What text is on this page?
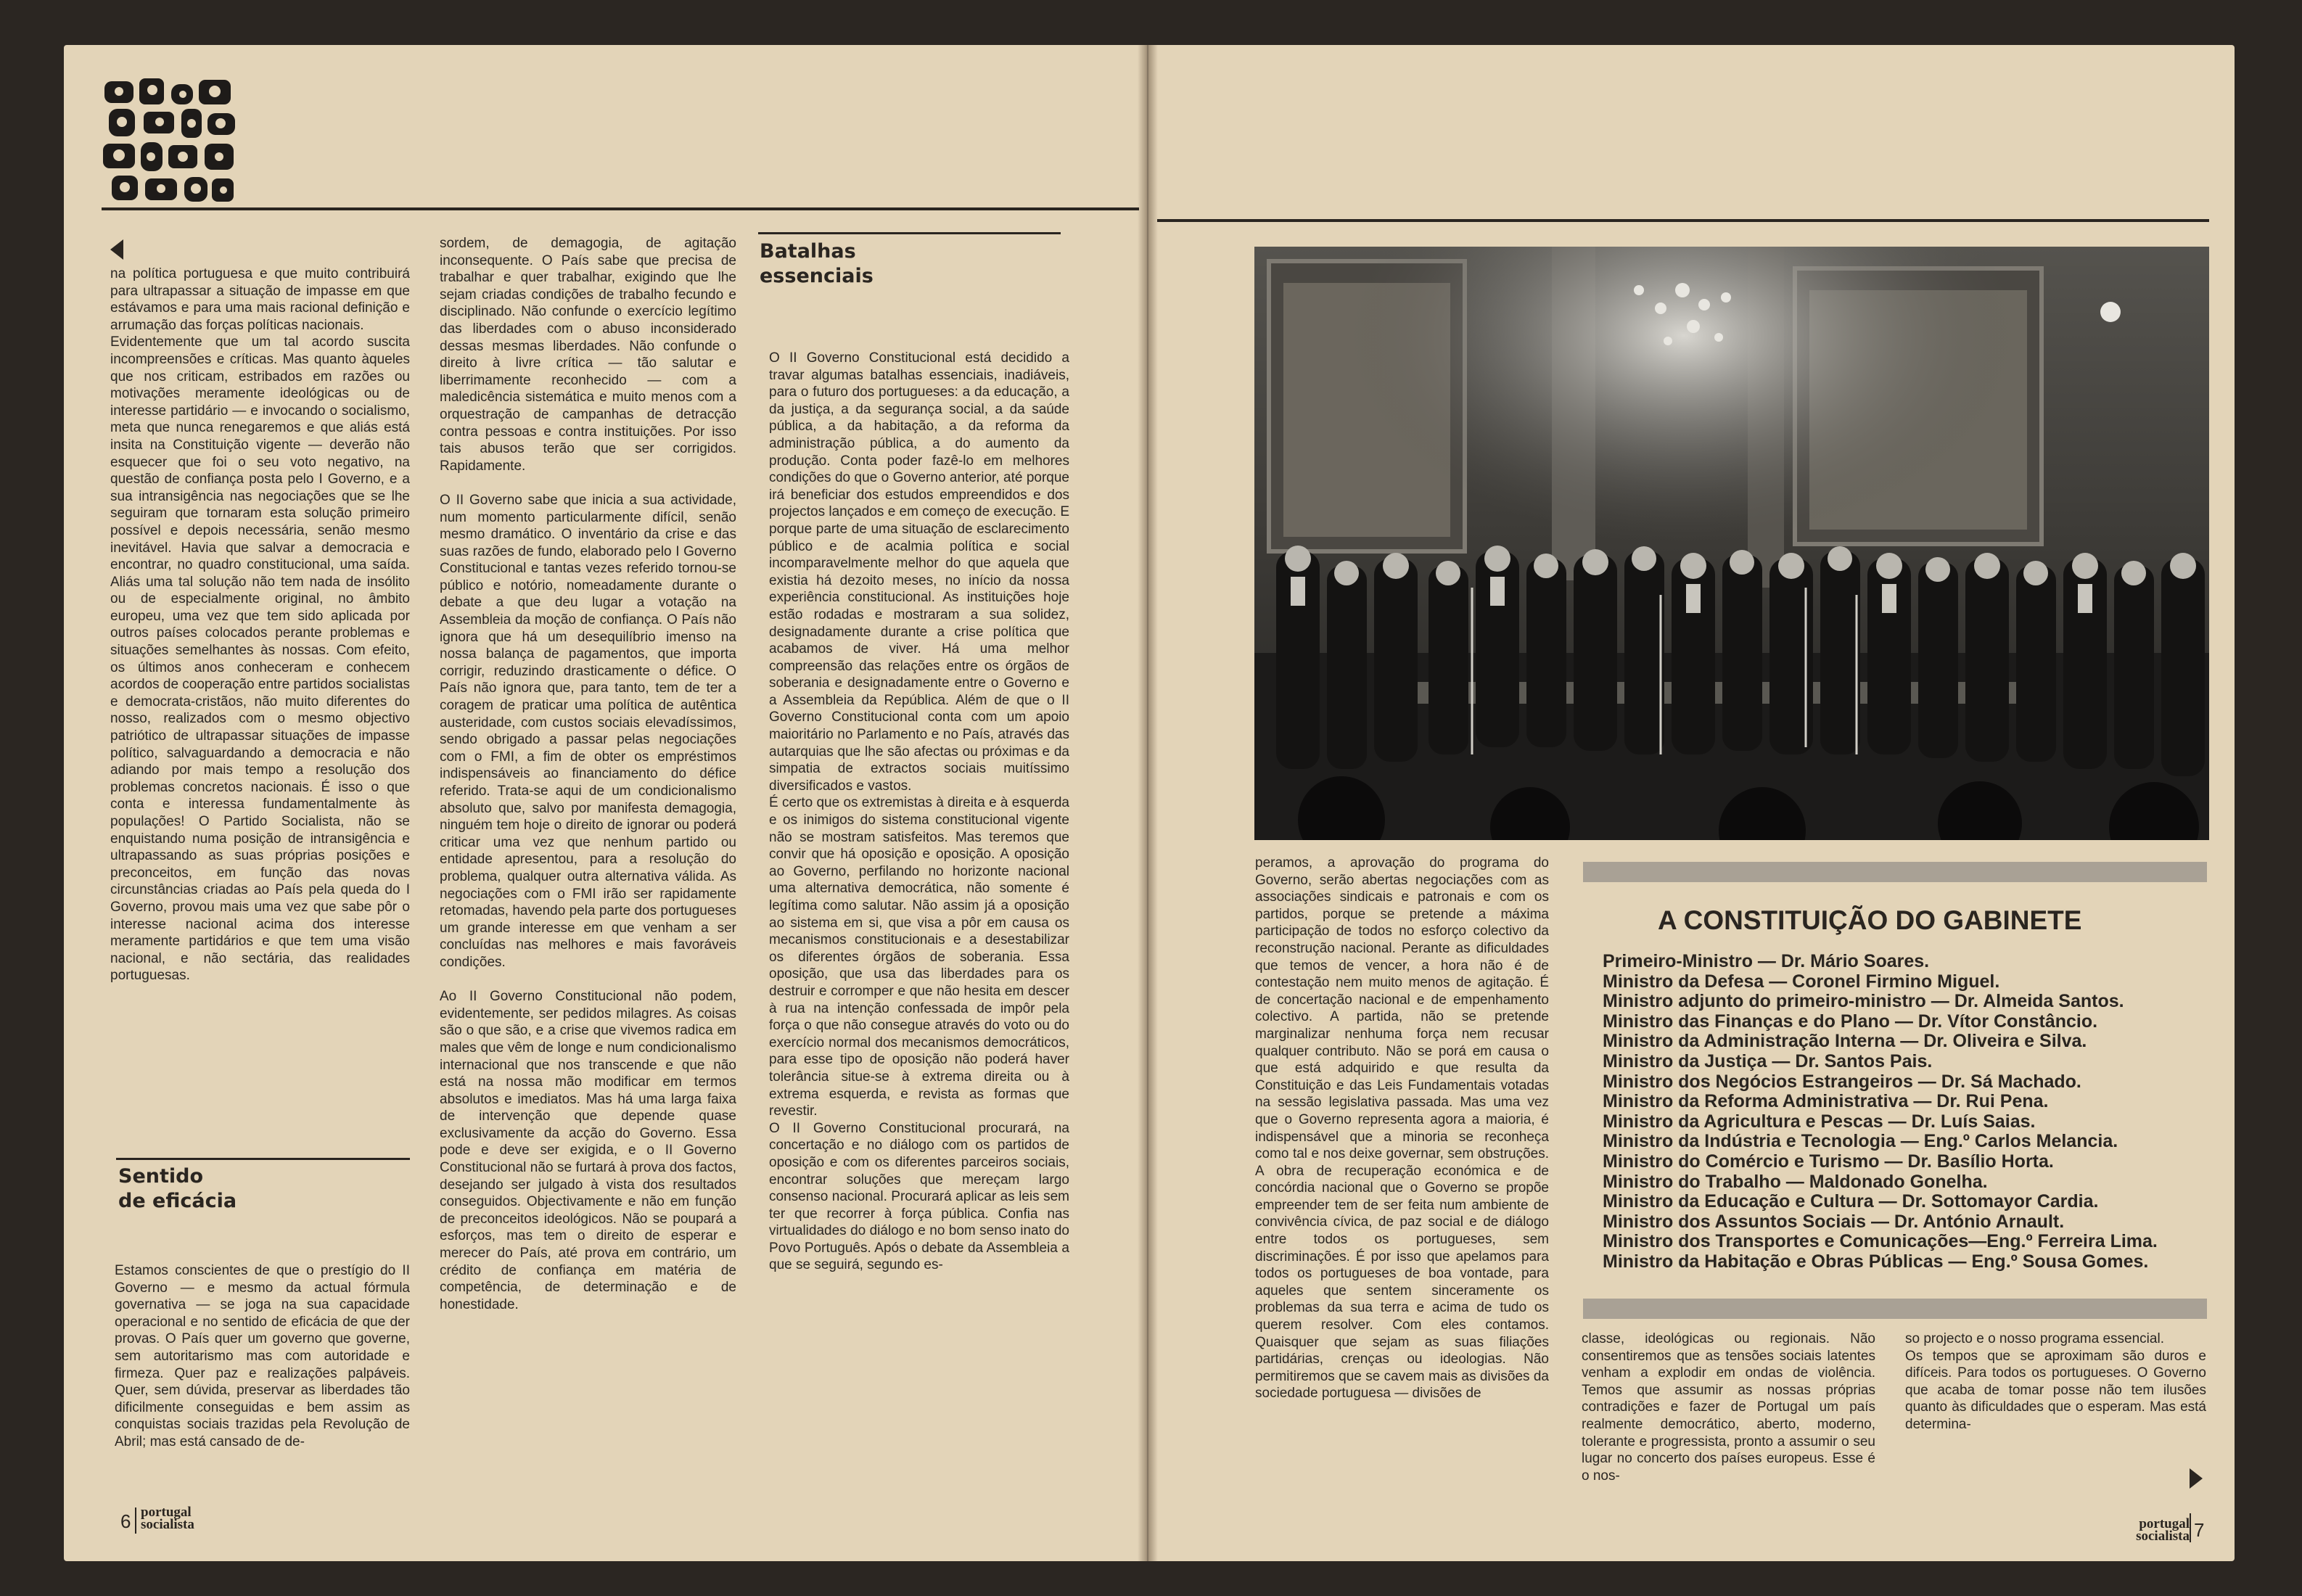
na política portuguesa e que muito contribuirá para ultrapassar a situação de impasse em que estávamos e para uma mais racional definição e arrumação das forças políticas nacionais.
Evidentemente que um tal acordo suscita incompreensões e críticas. Mas quanto àqueles que nos criticam, estribados em razões ou motivações meramente ideológicas ou de interesse partidário — e invocando o socialismo, meta que nunca renegaremos e que aliás está insita na Constituição vigente — deverão não esquecer que foi o seu voto negativo, na questão de confiança posta pelo I Governo, e a sua intransigência nas negociações que se lhe seguiram que tornaram esta solução primeiro possível e depois necessária, senão mesmo inevitável. Havia que salvar a democracia e encontrar, no quadro constitucional, uma saída. Aliás uma tal solução não tem nada de insólito ou de especialmente original, no âmbito europeu, uma vez que tem sido aplicada por outros países colocados perante problemas e situações semelhantes às nossas. Com efeito, os últimos anos conheceram e conhecem acordos de cooperação entre partidos socialistas e democrata-cristãos, não muito diferentes do nosso, realizados com o mesmo objectivo patriótico de ultrapassar situações de impasse político, salvaguardando a democracia e não adiando por mais tempo a resolução dos problemas concretos nacionais. É isso o que conta e interessa fundamentalmente às populações! O Partido Socialista, não se enquistando numa posição de intransigência e ultrapassando as suas próprias posições e preconceitos, em função das novas circunstâncias criadas ao País pela queda do I Governo, provou mais uma vez que sabe pôr o interesse nacional acima dos interesse meramente partidários e que tem uma visão nacional, e não sectária, das realidades portuguesas.
Sentido
de eficácia
Estamos conscientes de que o prestígio do II Governo — e mesmo da actual fórmula governativa — se joga na sua capacidade operacional e no sentido de eficácia de que der provas. O País quer um governo que governe, sem autoritarismo mas com autoridade e firmeza. Quer paz e realizações palpáveis. Quer, sem dúvida, preservar as liberdades tão dificilmente conseguidas e bem assim as conquistas sociais trazidas pela Revolução de Abril; mas está cansado de de-
sordem, de demagogia, de agitação inconsequente. O País sabe que precisa de trabalhar e quer trabalhar, exigindo que lhe sejam criadas condições de trabalho fecundo e disciplinado. Não confunde o exercício legítimo das liberdades com o abuso inconsiderado dessas mesmas liberdades. Não confunde o direito à livre crítica — tão salutar e liberrimamente reconhecido — com a maledicência sistemática e muito menos com a orquestração de campanhas de detracção contra pessoas e contra instituições. Por isso tais abusos terão que ser corrigidos. Rapidamente.

O II Governo sabe que inicia a sua actividade, num momento particularmente difícil, senão mesmo dramático. O inventário da crise e das suas razões de fundo, elaborado pelo I Governo Constitucional e tantas vezes referido tornou-se público e notório, nomeadamente durante o debate a que deu lugar a votação na Assembleia da moção de confiança. O País não ignora que há um desequilíbrio imenso na nossa balança de pagamentos, que importa corrigir, reduzindo drasticamente o défice. O País não ignora que, para tanto, tem de ter a coragem de praticar uma política de autêntica austeridade, com custos sociais elevadíssimos, sendo obrigado a passar pelas negociações com o FMI, a fim de obter os empréstimos indispensáveis ao financiamento do défice referido. Trata-se aqui de um condicionalismo absoluto que, salvo por manifesta demagogia, ninguém tem hoje o direito de ignorar ou poderá criticar uma vez que nenhum partido ou entidade apresentou, para a resolução do problema, qualquer outra alternativa válida. As negociações com o FMI irão ser rapidamente retomadas, havendo pela parte dos portugueses um grande interesse em que venham a ser concluídas nas melhores e mais favoráveis condições.

Ao II Governo Constitucional não podem, evidentemente, ser pedidos milagres. As coisas são o que são, e a crise que vivemos radica em males que vêm de longe e num condicionalismo internacional que nos transcende e que não está na nossa mão modificar em termos absolutos e imediatos. Mas há uma larga faixa de intervenção que depende quase exclusivamente da acção do Governo. Essa pode e deve ser exigida, e o II Governo Constitucional não se furtará à prova dos factos, desejando ser julgado à vista dos resultados conseguidos. Objectivamente e não em função de preconceitos ideológicos. Não se poupará a esforços, mas tem o direito de esperar e merecer do País, até prova em contrário, um crédito de confiança em matéria de competência, de determinação e de honestidade.
Batalhas
essenciais
O II Governo Constitucional está decidido a travar algumas batalhas essenciais, inadiáveis, para o futuro dos portugueses: a da educação, a da justiça, a da segurança social, a da saúde pública, a da habitação, a da reforma da administração pública, a do aumento da produção. Conta poder fazê-lo em melhores condições do que o Governo anterior, até porque irá beneficiar dos estudos empreendidos e dos projectos lançados e em começo de execução. E porque parte de uma situação de esclarecimento público e de acalmia política e social incomparavelmente melhor do que aquela que existia há dezoito meses, no início da nossa experiência constitucional. As instituições hoje estão rodadas e mostraram a sua solidez, designadamente durante a crise política que acabamos de viver. Há uma melhor compreensão das relações entre os órgãos de soberania e designadamente entre o Governo e a Assembleia da República. Além de que o II Governo Constitucional conta com um apoio maioritário no Parlamento e no País, através das autarquias que lhe são afectas ou próximas e da simpatia de extractos sociais muitíssimo diversificados e vastos.
É certo que os extremistas à direita e à esquerda e os inimigos do sistema constitucional vigente não se mostram satisfeitos. Mas teremos que convir que há oposição e oposição. A oposição ao Governo, perfilando no horizonte nacional uma alternativa democrática, não somente é legítima como salutar. Não assim já a oposição ao sistema em si, que visa a pôr em causa os mecanismos constitucionais e a desestabilizar os diferentes órgãos de soberania. Essa oposição, que usa das liberdades para os destruir e corromper e que não hesita em descer à rua na intenção confessada de impôr pela força o que não consegue através do voto ou do exercício normal dos mecanismos democráticos, para esse tipo de oposição não poderá haver tolerância situe-se à extrema direita ou à extrema esquerda, e revista as formas que revestir.
O II Governo Constitucional procurará, na concertação e no diálogo com os partidos de oposição e com os diferentes parceiros sociais, encontrar soluções que mereçam largo consenso nacional. Procurará aplicar as leis sem ter que recorrer à força pública. Confia nas virtualidades do diálogo e no bom senso inato do Povo Português. Após o debate da Assembleia a que se seguirá, segundo es-
6 portugal
socialista
peramos, a aprovação do programa do Governo, serão abertas negociações com as associações sindicais e patronais e com os partidos, porque se pretende a máxima participação de todos no esforço colectivo da reconstrução nacional. Perante as dificuldades que temos de vencer, a hora não é de contestação nem muito menos de agitação. É de concertação nacional e de empenhamento colectivo. A partida, não se pretende marginalizar nenhuma força nem recusar qualquer contributo. Não se porá em causa o que está adquirido e que resulta da Constituição e das Leis Fundamentais votadas na sessão legislativa passada. Mas uma vez que o Governo representa agora a maioria, é indispensável que a minoria se reconheça como tal e nos deixe governar, sem obstruções. A obra de recuperação económica e de concórdia nacional que o Governo se propõe empreender tem de ser feita num ambiente de convivência cívica, de paz social e de diálogo entre todos os portugueses, sem discriminações. É por isso que apelamos para todos os portugueses de boa vontade, para aqueles que sentem sinceramente os problemas da sua terra e acima de tudo os querem resolver. Com eles contamos. Quaisquer que sejam as suas filiações partidárias, crenças ou ideologias. Não permitiremos que se cavem mais as divisões da sociedade portuguesa — divisões de
A CONSTITUIÇÃO DO GABINETE
Primeiro-Ministro — Dr. Mário Soares.
Ministro da Defesa — Coronel Firmino Miguel.
Ministro adjunto do primeiro-ministro — Dr. Almeida Santos.
Ministro das Finanças e do Plano — Dr. Vítor Constâncio.
Ministro da Administração Interna — Dr. Oliveira e Silva.
Ministro da Justiça — Dr. Santos Pais.
Ministro dos Negócios Estrangeiros — Dr. Sá Machado.
Ministro da Reforma Administrativa — Dr. Rui Pena.
Ministro da Agricultura e Pescas — Dr. Luís Saias.
Ministro da Indústria e Tecnologia — Eng.º Carlos Melancia.
Ministro do Comércio e Turismo — Dr. Basílio Horta.
Ministro do Trabalho — Maldonado Gonelha.
Ministro da Educação e Cultura — Dr. Sottomayor Cardia.
Ministro dos Assuntos Sociais — Dr. António Arnault.
Ministro dos Transportes e Comunicações—Eng.º Ferreira Lima.
Ministro da Habitação e Obras Públicas — Eng.º Sousa Gomes.
classe, ideológicas ou regionais. Não consentiremos que as tensões sociais latentes venham a explodir em ondas de violência. Temos que assumir as nossas próprias contradições e fazer de Portugal um país realmente democrático, aberto, moderno, tolerante e progressista, pronto a assumir o seu lugar no concerto dos países europeus. Esse é o nos-
so projecto e o nosso programa essencial.
Os tempos que se aproximam são duros e difíceis. Para todos os portugueses. O Governo que acaba de tomar posse não tem ilusões quanto às dificuldades que o esperam. Mas está determina-
portugal
socialista 7
